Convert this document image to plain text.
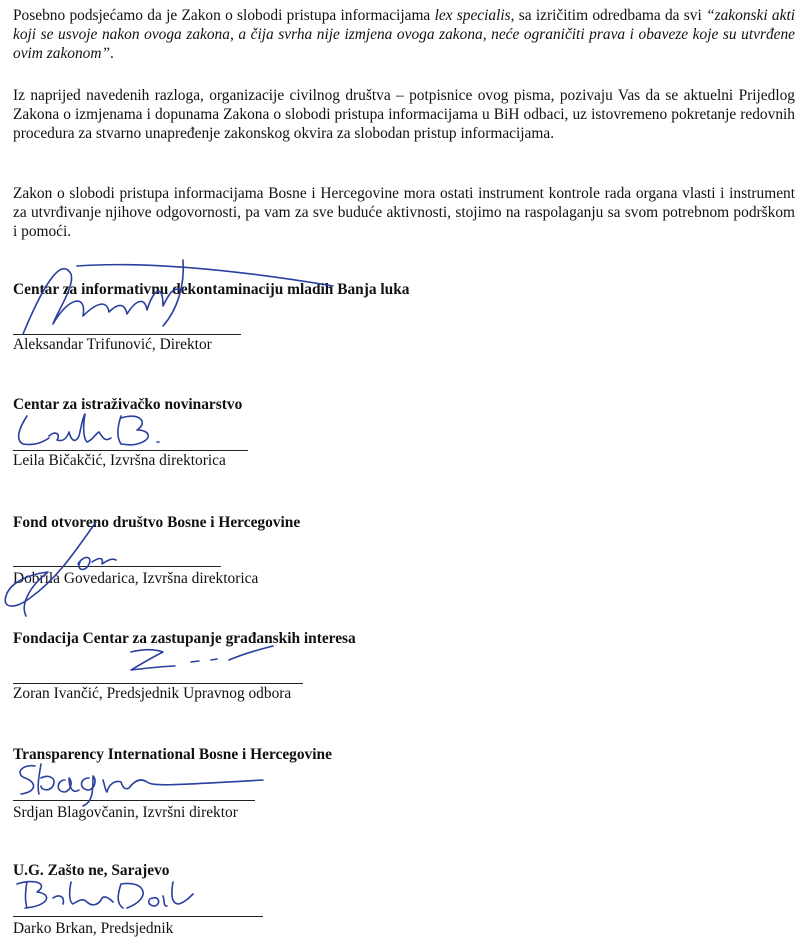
Posebno podsjećamo da je Zakon o slobodi pristupa informacijama lex specialis, sa izričitim odredbama da svi “zakonski akti koji se usvoje nakon ovoga zakona, a čija svrha nije izmjena ovoga zakona, neće ograničiti prava i obaveze koje su utvrđene ovim zakonom”.

Iz naprijed navedenih razloga, organizacije civilnog društva – potpisnice ovog pisma, pozivaju Vas da se aktuelni Prijedlog Zakona o izmjenama i dopunama Zakona o slobodi pristupa informacijama u BiH odbaci, uz istovremeno pokretanje redovnih procedura za stvarno unapređenje zakonskog okvira za slobodan pristup informacijama.

Zakon o slobodi pristupa informacijama Bosne i Hercegovine mora ostati instrument kontrole rada organa vlasti i instrument za utvrđivanje njihove odgovornosti, pa vam za sve buduće aktivnosti, stojimo na raspolaganju sa svom potrebnom podrškom i pomoći.

Centar za informativnu dekontaminaciju mladih Banja luka
Aleksandar Trifunović, Direktor
Centar za istraživačko novinarstvo
Leila Bičakčić, Izvršna direktorica
Fond otvoreno društvo Bosne i Hercegovine
Dobrila Govedarica, Izvršna direktorica
Fondacija Centar za zastupanje građanskih interesa
Zoran Ivančić, Predsjednik Upravnog odbora
Transparency International Bosne i Hercegovine
Srdjan Blagovčanin, Izvršni direktor
U.G. Zašto ne, Sarajevo
Darko Brkan, Predsjednik
